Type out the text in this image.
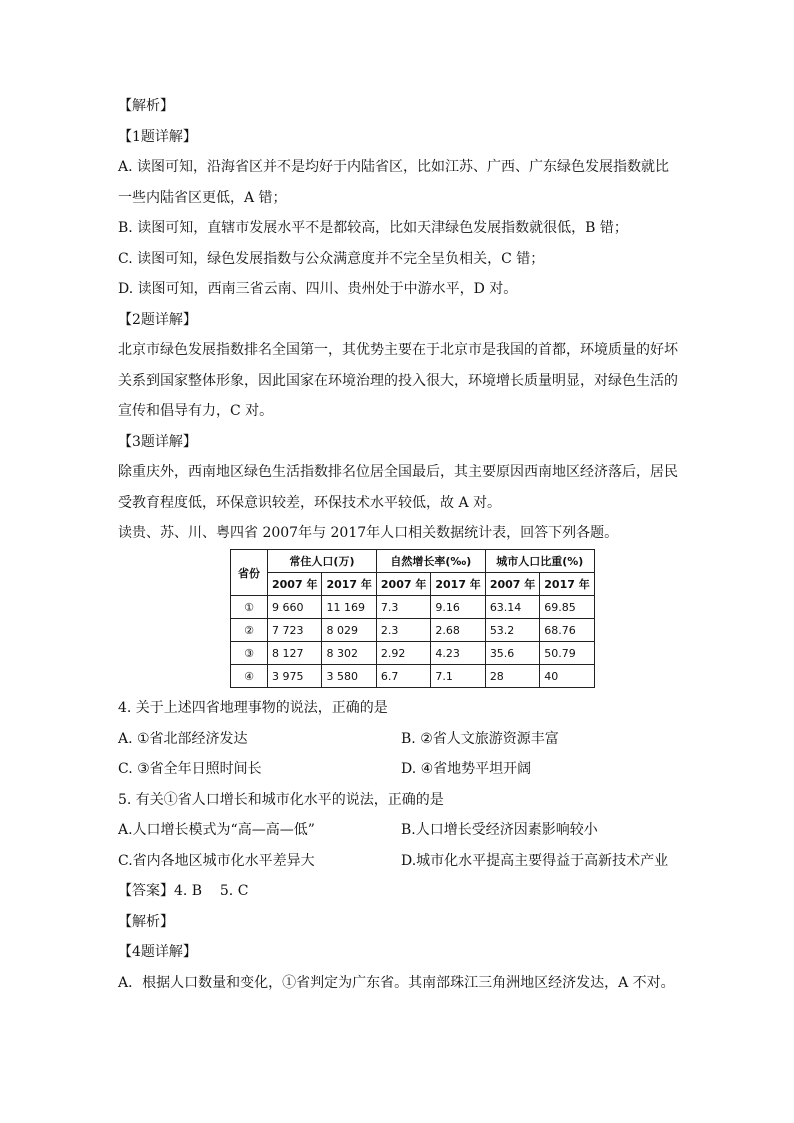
【解析】
【1题详解】
A. 读图可知，沿海省区并不是均好于内陆省区，比如江苏、广西、广东绿色发展指数就比
一些内陆省区更低，A 错；
B. 读图可知，直辖市发展水平不是都较高，比如天津绿色发展指数就很低，B 错；
C. 读图可知，绿色发展指数与公众满意度并不完全呈负相关，C 错；
D. 读图可知，西南三省云南、四川、贵州处于中游水平，D 对。
【2题详解】
北京市绿色发展指数排名全国第一，其优势主要在于北京市是我国的首都，环境质量的好坏
关系到国家整体形象，因此国家在环境治理的投入很大，环境增长质量明显，对绿色生活的
宣传和倡导有力，C 对。
【3题详解】
除重庆外，西南地区绿色生活指数排名位居全国最后，其主要原因西南地区经济落后，居民
受教育程度低，环保意识较差，环保技术水平较低，故 A 对。
读贵、苏、川、粤四省 2007年与 2017年人口相关数据统计表，回答下列各题。
省份	常住人口(万)		自然增长率(‰)		城市人口比重(%)	
	2007 年	2017 年	2007 年	2017 年	2007 年	2017 年
①	9 660	11 169	7.3	9.16	63.14	69.85
②	7 723	8 029	2.3	2.68	53.2	68.76
③	8 127	8 302	2.92	4.23	35.6	50.79
④	3 975	3 580	6.7	7.1	28	40
4. 关于上述四省地理事物的说法，正确的是
A. ①省北部经济发达	B. ②省人文旅游资源丰富
C. ③省全年日照时间长	D. ④省地势平坦开阔
5. 有关①省人口增长和城市化水平的说法，正确的是
A.人口增长模式为“高—高—低”	B.人口增长受经济因素影响较小
C.省内各地区城市化水平差异大	D.城市化水平提高主要得益于高新技术产业
【答案】4. B    5. C
【解析】
【4题详解】
A．根据人口数量和变化，①省判定为广东省。其南部珠江三角洲地区经济发达，A 不对。
